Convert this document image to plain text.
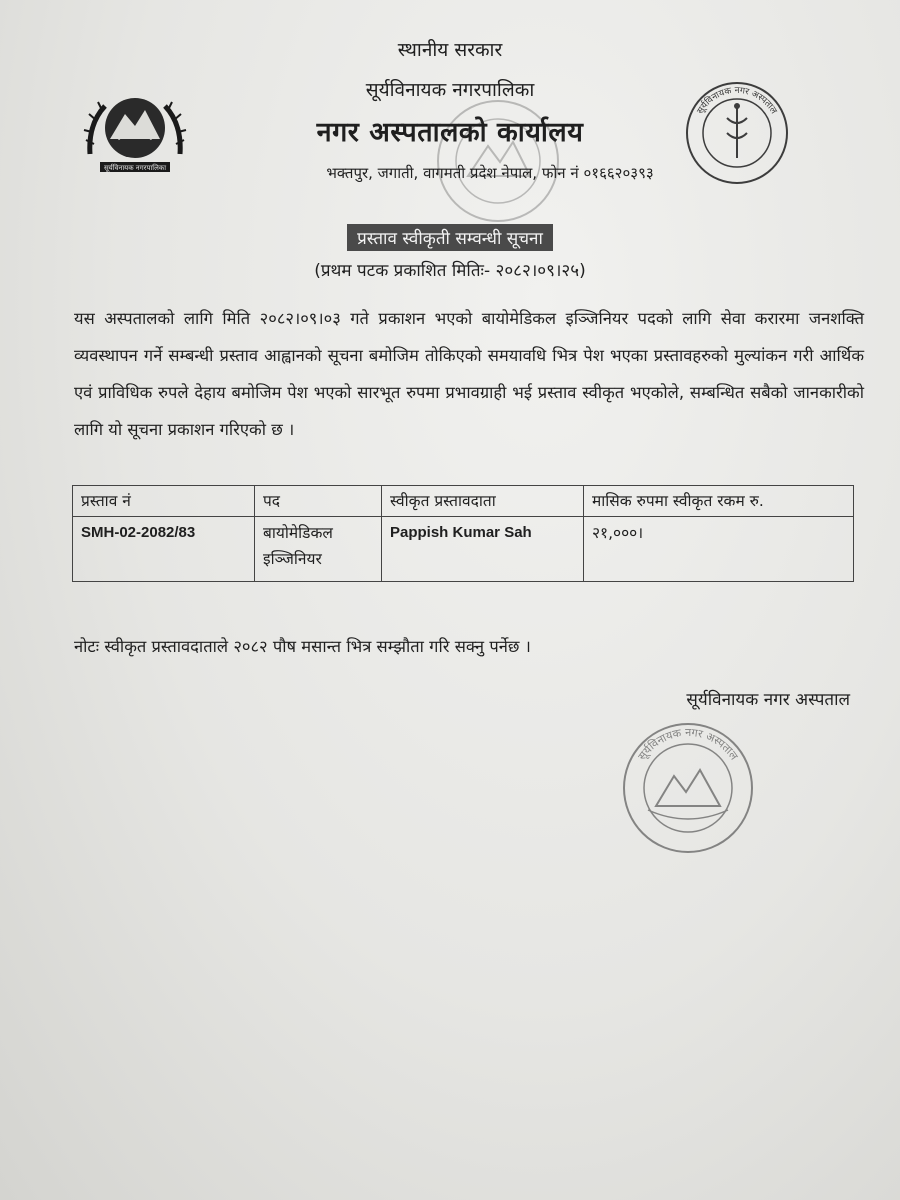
सूर्यविनायक नगरपालिका
सूर्यविनायक नगर अस्पताल
स्थानीय सरकार
सूर्यविनायक नगरपालिका
नगर अस्पतालको कार्यालय
भक्तपुर, जगाती, वागमती प्रदेश नेपाल, फोन नं ०१६६२०३९३
प्रस्ताव स्वीकृती सम्वन्धी सूचना
(प्रथम पटक प्रकाशित मितिः- २०८२।०९।२५)
यस अस्पतालको लागि मिति २०८२।०९।०३ गते प्रकाशन भएको बायोमेडिकल इञ्जिनियर पदको लागि सेवा करारमा जनशक्ति व्यवस्थापन गर्ने सम्बन्धी प्रस्ताव आह्वानको सूचना बमोजिम तोकिएको समयावधि भित्र पेश भएका प्रस्तावहरुको मुल्यांकन गरी आर्थिक एवं प्राविधिक रुपले देहाय बमोजिम पेश भएको सारभूत रुपमा प्रभावग्राही भई प्रस्ताव स्वीकृत भएकोले, सम्बन्धित सबैको जानकारीको लागि यो सूचना प्रकाशन गरिएको छ ।
प्रस्ताव नं	पद	स्वीकृत प्रस्तावदाता	मासिक रुपमा स्वीकृत रकम रु.
SMH-02-2082/83	बायोमेडिकल इञ्जिनियर	Pappish Kumar Sah	२१,०००।
नोटः स्वीकृत प्रस्तावदाताले २०८२ पौष मसान्त भित्र सम्झौता गरि सक्नु पर्नेछ ।
सूर्यविनायक नगर अस्पताल
सूर्यविनायक नगर अस्पताल
